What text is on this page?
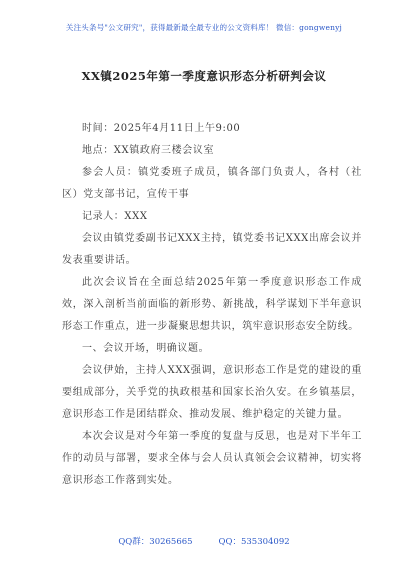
关注头条号"公文研究"，获得最新最全最专业的公文资料库！ 微信：gongwenyj
XX镇2025年第一季度意识形态分析研判会议

时间：2025年4月11日上午9:00

地点：XX镇政府三楼会议室

参会人员：镇党委班子成员，镇各部门负责人，各村（社区）党支部书记，宣传干事

记录人：XXX

会议由镇党委副书记XXX主持，镇党委书记XXX出席会议并发表重要讲话。

此次会议旨在全面总结2025年第一季度意识形态工作成效，深入剖析当前面临的新形势、新挑战，科学谋划下半年意识形态工作重点，进一步凝聚思想共识，筑牢意识形态安全防线。

一、会议开场，明确议题。

会议伊始，主持人XXX强调，意识形态工作是党的建设的重要组成部分，关乎党的执政根基和国家长治久安。在乡镇基层，意识形态工作是团结群众、推动发展、维护稳定的关键力量。

本次会议是对今年第一季度的复盘与反思，也是对下半年工作的动员与部署，要求全体与会人员认真领会会议精神，切实将意识形态工作落到实处。

QQ群：30265665	QQ：535304092
